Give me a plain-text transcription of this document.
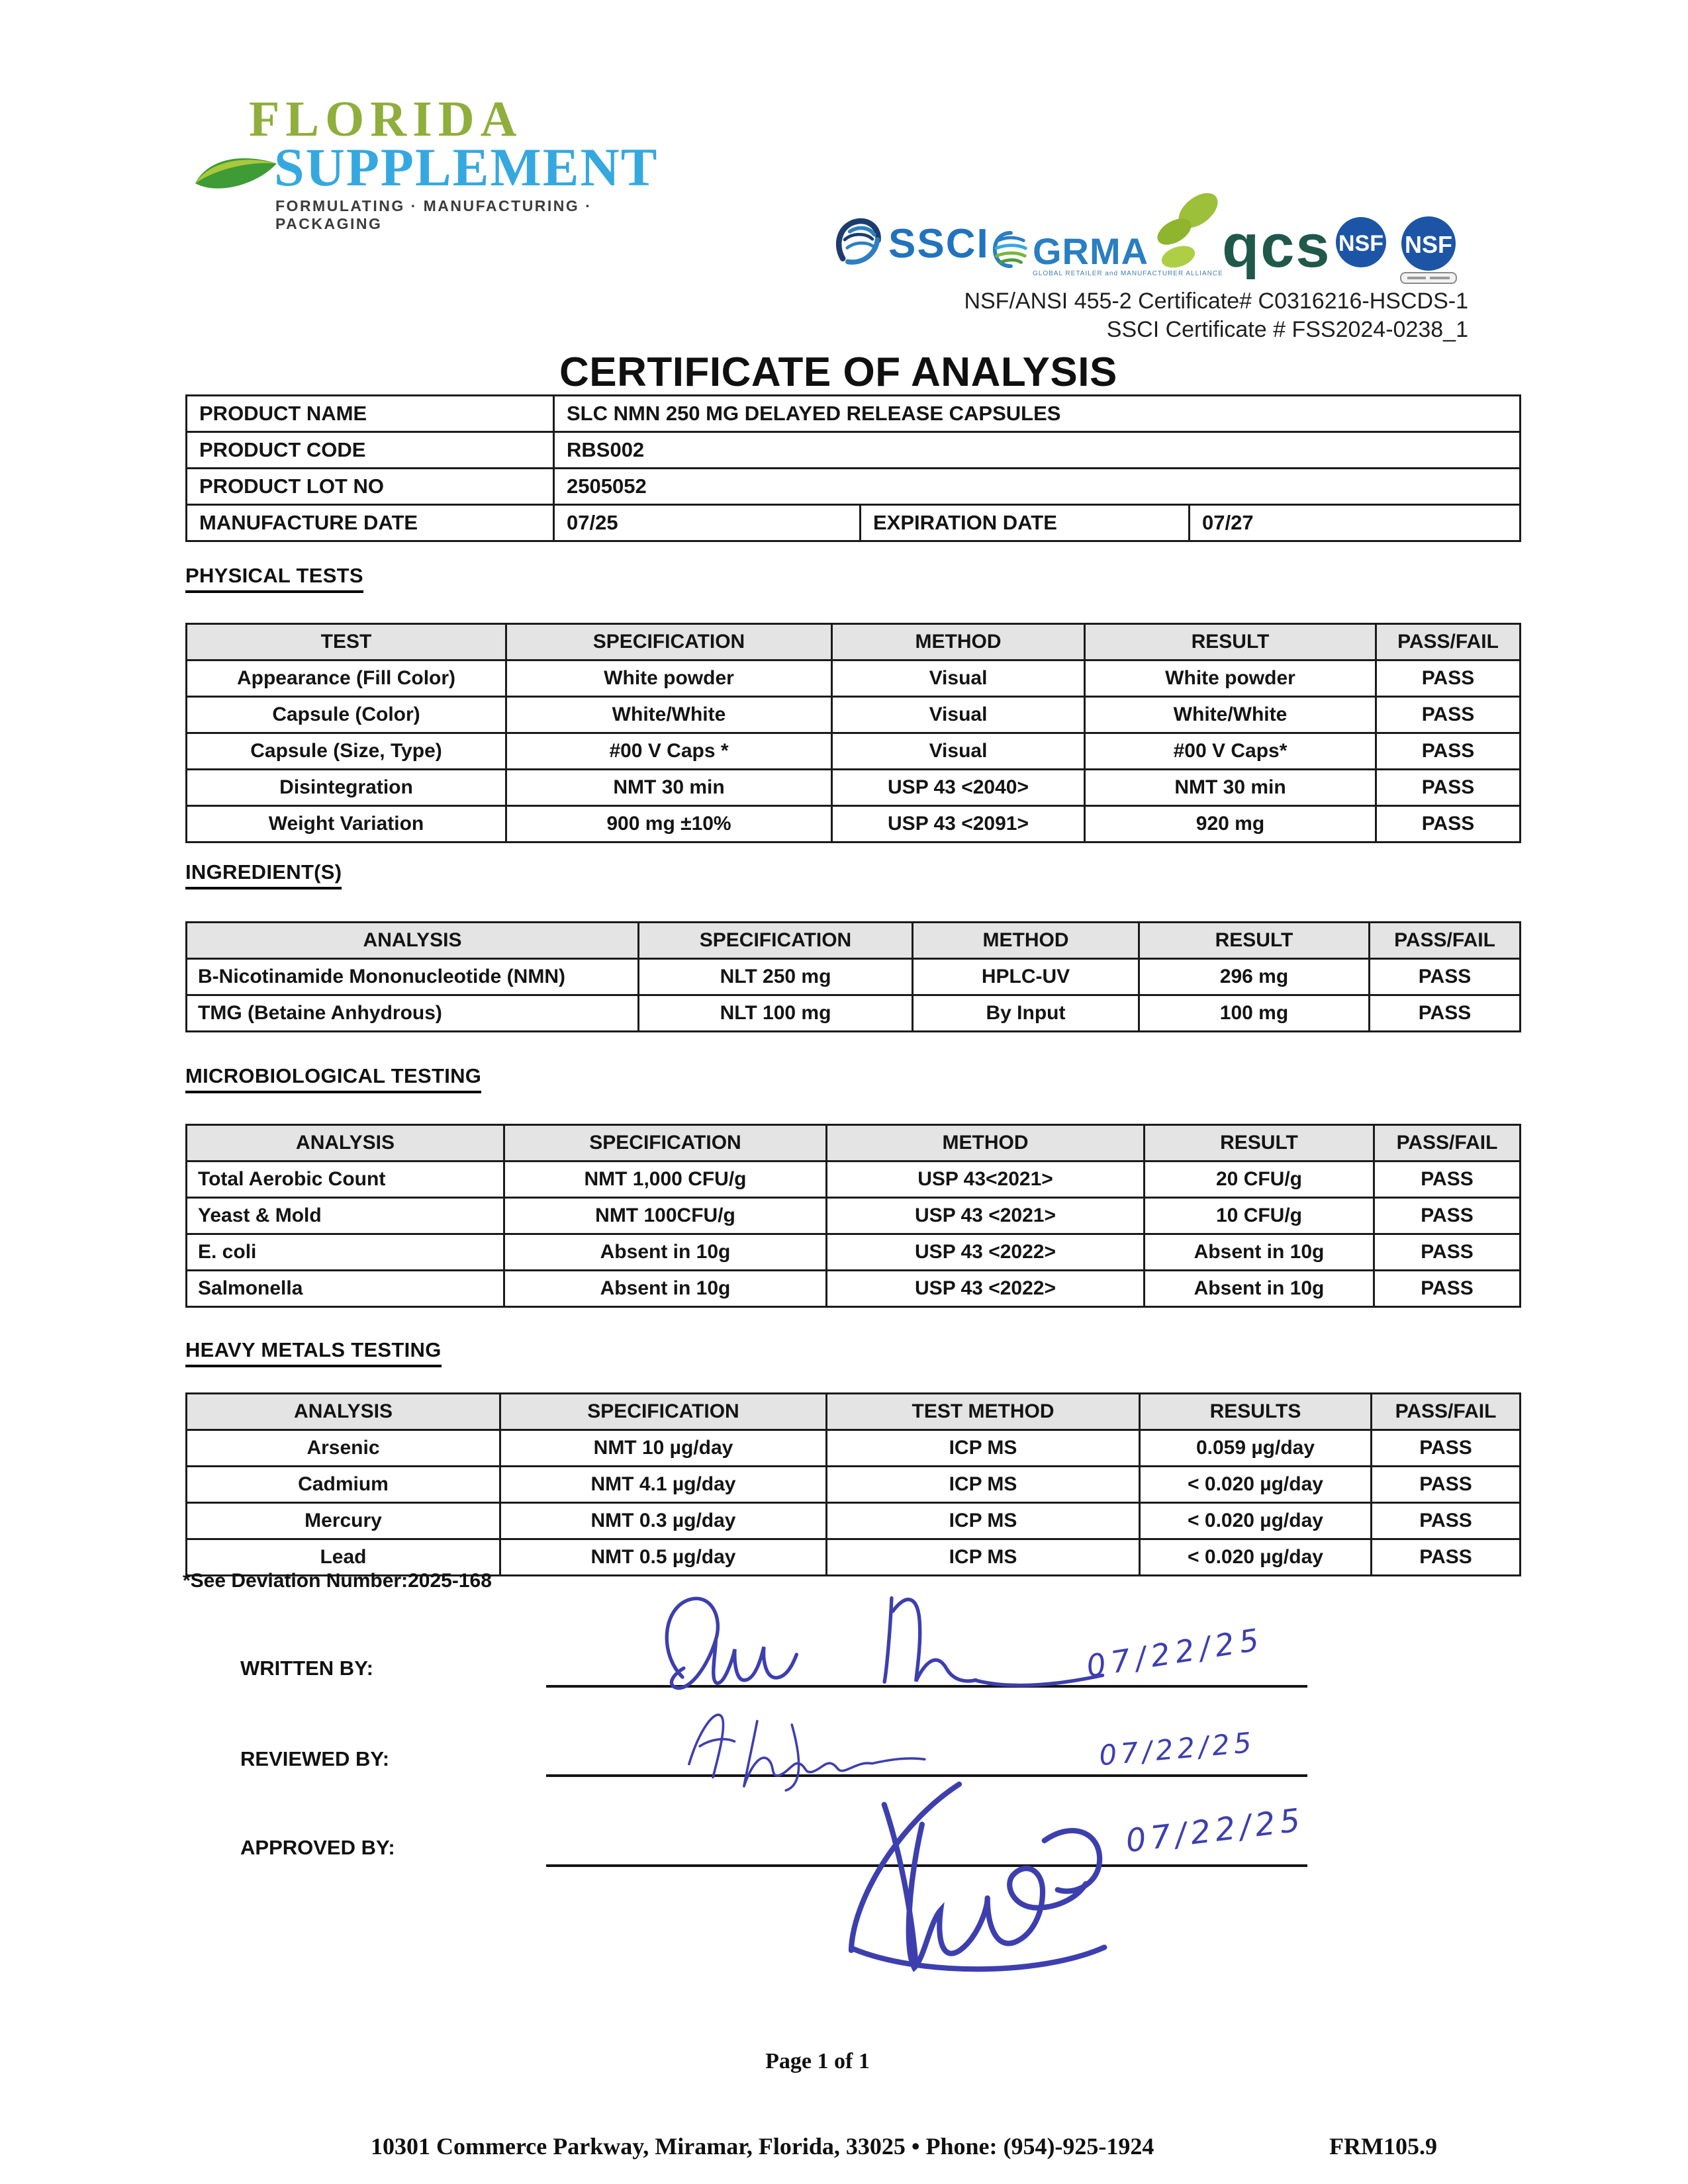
FLORIDA
SUPPLEMENT
FORMULATING · MANUFACTURING · PACKAGING	SSCI GRMA
GLOBAL RETAILER and MANUFACTURER ALLIANCE
qcs NSF NSF
NSF/ANSI 455-2 Certificate# C0316216-HSCDS-1
SSCI Certificate # FSS2024-0238_1
CERTIFICATE OF ANALYSIS
PRODUCT NAME	SLC NMN 250 MG DELAYED RELEASE CAPSULES		
PRODUCT CODE	RBS002		
PRODUCT LOT NO	2505052		
MANUFACTURE DATE	07/25	EXPIRATION DATE	07/27
PHYSICAL TESTS
TEST	SPECIFICATION	METHOD	RESULT	PASS/FAIL
Appearance (Fill Color)	White powder	Visual	White powder	PASS
Capsule (Color)	White/White	Visual	White/White	PASS
Capsule (Size, Type)	#00 V Caps *	Visual	#00 V Caps*	PASS
Disintegration	NMT 30 min	USP 43 <2040>	NMT 30 min	PASS
Weight Variation	900 mg ±10%	USP 43 <2091>	920 mg	PASS
INGREDIENT(S)
ANALYSIS	SPECIFICATION	METHOD	RESULT	PASS/FAIL
B-Nicotinamide Mononucleotide (NMN)	NLT 250 mg	HPLC-UV	296 mg	PASS
TMG (Betaine Anhydrous)	NLT 100 mg	By Input	100 mg	PASS
MICROBIOLOGICAL TESTING
ANALYSIS	SPECIFICATION	METHOD	RESULT	PASS/FAIL
Total Aerobic Count	NMT 1,000 CFU/g	USP 43<2021>	20 CFU/g	PASS
Yeast & Mold	NMT 100CFU/g	USP 43 <2021>	10 CFU/g	PASS
E. coli	Absent in 10g	USP 43 <2022>	Absent in 10g	PASS
Salmonella	Absent in 10g	USP 43 <2022>	Absent in 10g	PASS
HEAVY METALS TESTING
ANALYSIS	SPECIFICATION	TEST METHOD	RESULTS	PASS/FAIL
Arsenic	NMT 10 µg/day	ICP MS	0.059 µg/day	PASS
Cadmium	NMT 4.1 µg/day	ICP MS	< 0.020 µg/day	PASS
Mercury	NMT 0.3 µg/day	ICP MS	< 0.020 µg/day	PASS
Lead	NMT 0.5 µg/day	ICP MS	< 0.020 µg/day	PASS
*See Deviation Number:2025-168
WRITTEN BY:	07/22/25
REVIEWED BY:	07/22/25
APPROVED BY:	07/22/25
Page 1 of 1
10301 Commerce Parkway, Miramar, Florida, 33025 • Phone: (954)-925-1924	FRM105.9
